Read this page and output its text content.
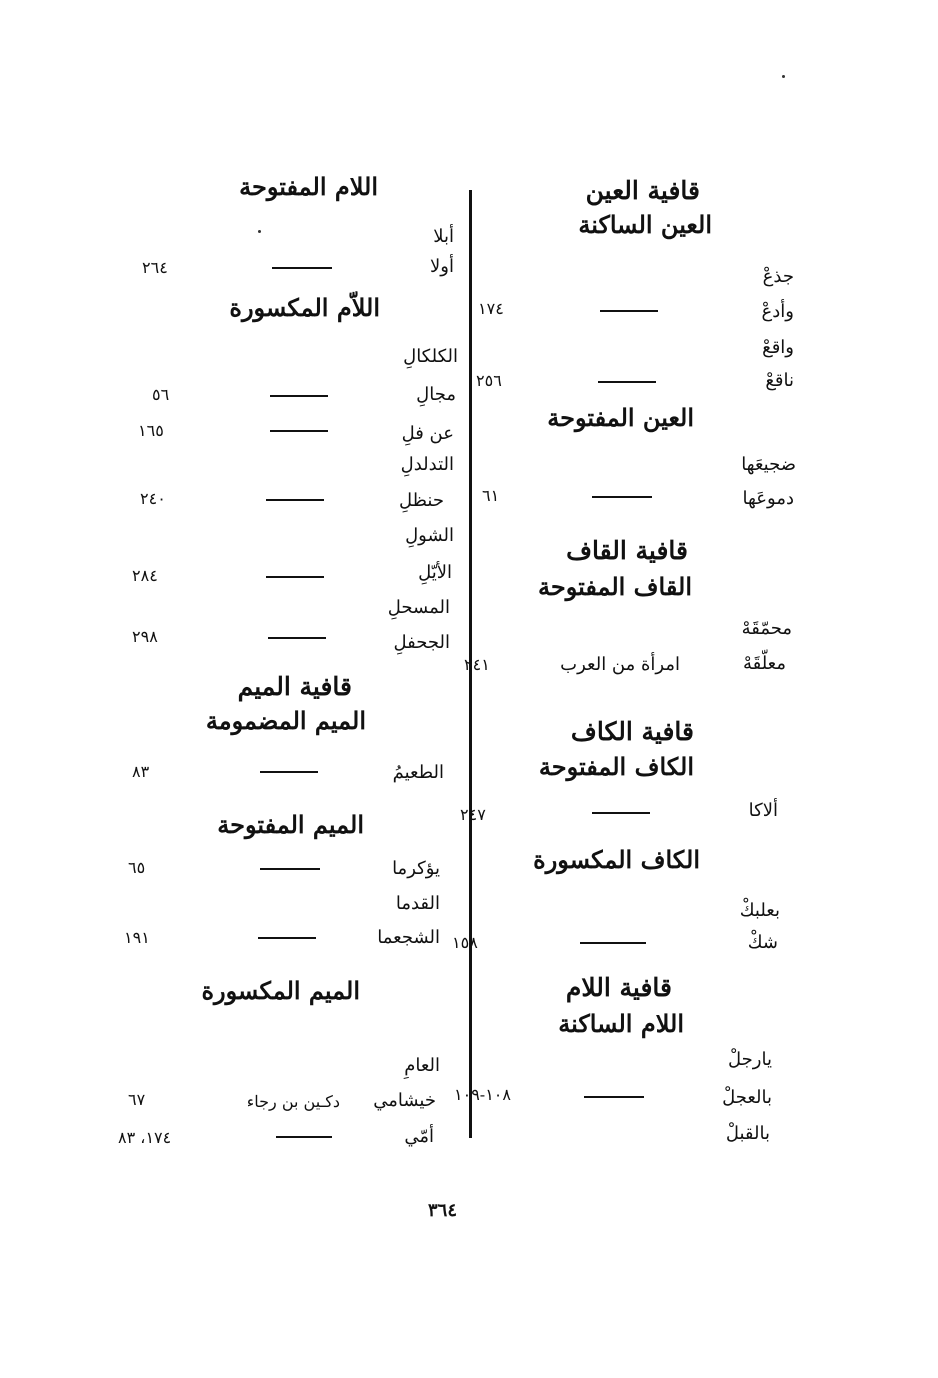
قافية العين
العين الساكنة
جذعْ
وأدعْ
١٧٤
واقعْ
ناقعْ
٢٥٦
العين المفتوحة
ضجيعَها
دموعَها
٦١
قافية القاف
القاف المفتوحة
محمّقَهْ
معلّقَهْ
امرأة من العرب
٢٤١
قافية الكاف
الكاف المفتوحة
ألاكا
٢٤٧
الكاف المكسورة
بعلبكْ
شكْ
١٥٨
قافية اللام
اللام الساكنة
يارجلْ
بالعجلْ
١٠٨-١٠٩
بالقبلْ
اللام المفتوحة
أبلا
أولا
٢٦٤
اللاّم المكسورة
الكلكالِ
مجالِ
٥٦
عن فلِ
١٦٥
التدلدلِ
حنظلِ
٢٤٠
الشولِ
الأيّلِ
٢٨٤
المسحلِ
الجحفلِ
٢٩٨
قافية الميم
الميم المضمومة
الطعيمُ
٨٣
الميم المفتوحة
يؤكرما
٦٥
القدما
الشجعما
١٩١
الميم المكسورة
العامِ
خيشامي
دكـين بن رجاء
٦٧
أمّي
١٧٤، ٨٣
٣٦٤
